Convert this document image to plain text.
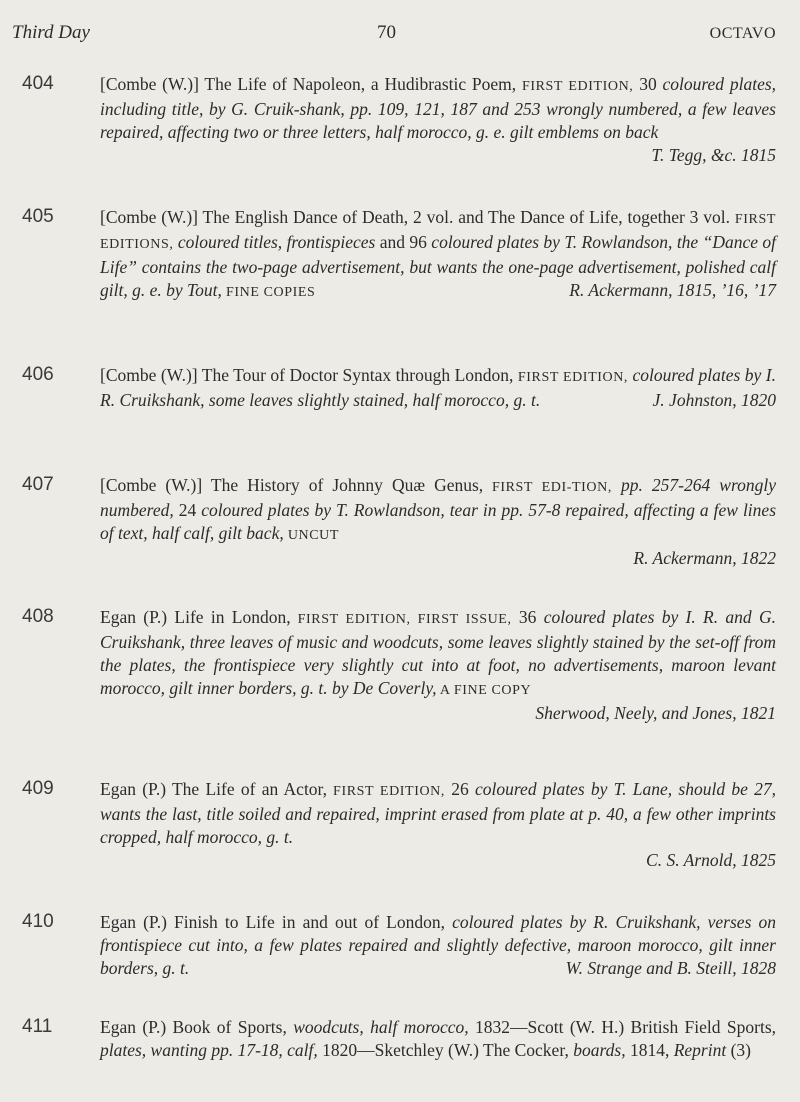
Third Day	70	OCTAVO
404	[Combe (W.)] The Life of Napoleon, a Hudibrastic Poem, FIRST EDITION, 30 coloured plates, including title, by G. Cruik-shank, pp. 109, 121, 187 and 253 wrongly numbered, a few leaves repaired, affecting two or three letters, half morocco, g. e. gilt emblems on back
T. Tegg, &c. 1815
405	[Combe (W.)] The English Dance of Death, 2 vol. and The Dance of Life, together 3 vol. FIRST EDITIONS, coloured titles, frontispieces and 96 coloured plates by T. Rowlandson, the “Dance of Life” contains the two-page advertisement, but wants the one-page advertisement, polished calf gilt, g. e. by Tout, FINE COPIES	R. Ackermann, 1815, ’16, ’17
406	[Combe (W.)] The Tour of Doctor Syntax through London, FIRST EDITION, coloured plates by I. R. Cruikshank, some leaves slightly stained, half morocco, g. t.	J. Johnston, 1820
407	[Combe (W.)] The History of Johnny Quæ Genus, FIRST EDI-TION, pp. 257-264 wrongly numbered, 24 coloured plates by T. Rowlandson, tear in pp. 57-8 repaired, affecting a few lines of text, half calf, gilt back, UNCUT
R. Ackermann, 1822
408	Egan (P.) Life in London, FIRST EDITION, FIRST ISSUE, 36 coloured plates by I. R. and G. Cruikshank, three leaves of music and woodcuts, some leaves slightly stained by the set-off from the plates, the frontispiece very slightly cut into at foot, no advertisements, maroon levant morocco, gilt inner borders, g. t. by De Coverly, A FINE COPY
Sherwood, Neely, and Jones, 1821
409	Egan (P.) The Life of an Actor, FIRST EDITION, 26 coloured plates by T. Lane, should be 27, wants the last, title soiled and repaired, imprint erased from plate at p. 40, a few other imprints cropped, half morocco, g. t.
C. S. Arnold, 1825
410	Egan (P.) Finish to Life in and out of London, coloured plates by R. Cruikshank, verses on frontispiece cut into, a few plates repaired and slightly defective, maroon morocco, gilt inner borders, g. t.	W. Strange and B. Steill, 1828
411	Egan (P.) Book of Sports, woodcuts, half morocco, 1832—Scott (W. H.) British Field Sports, plates, wanting pp. 17-18, calf, 1820—Sketchley (W.) The Cocker, boards, 1814, Reprint (3)
